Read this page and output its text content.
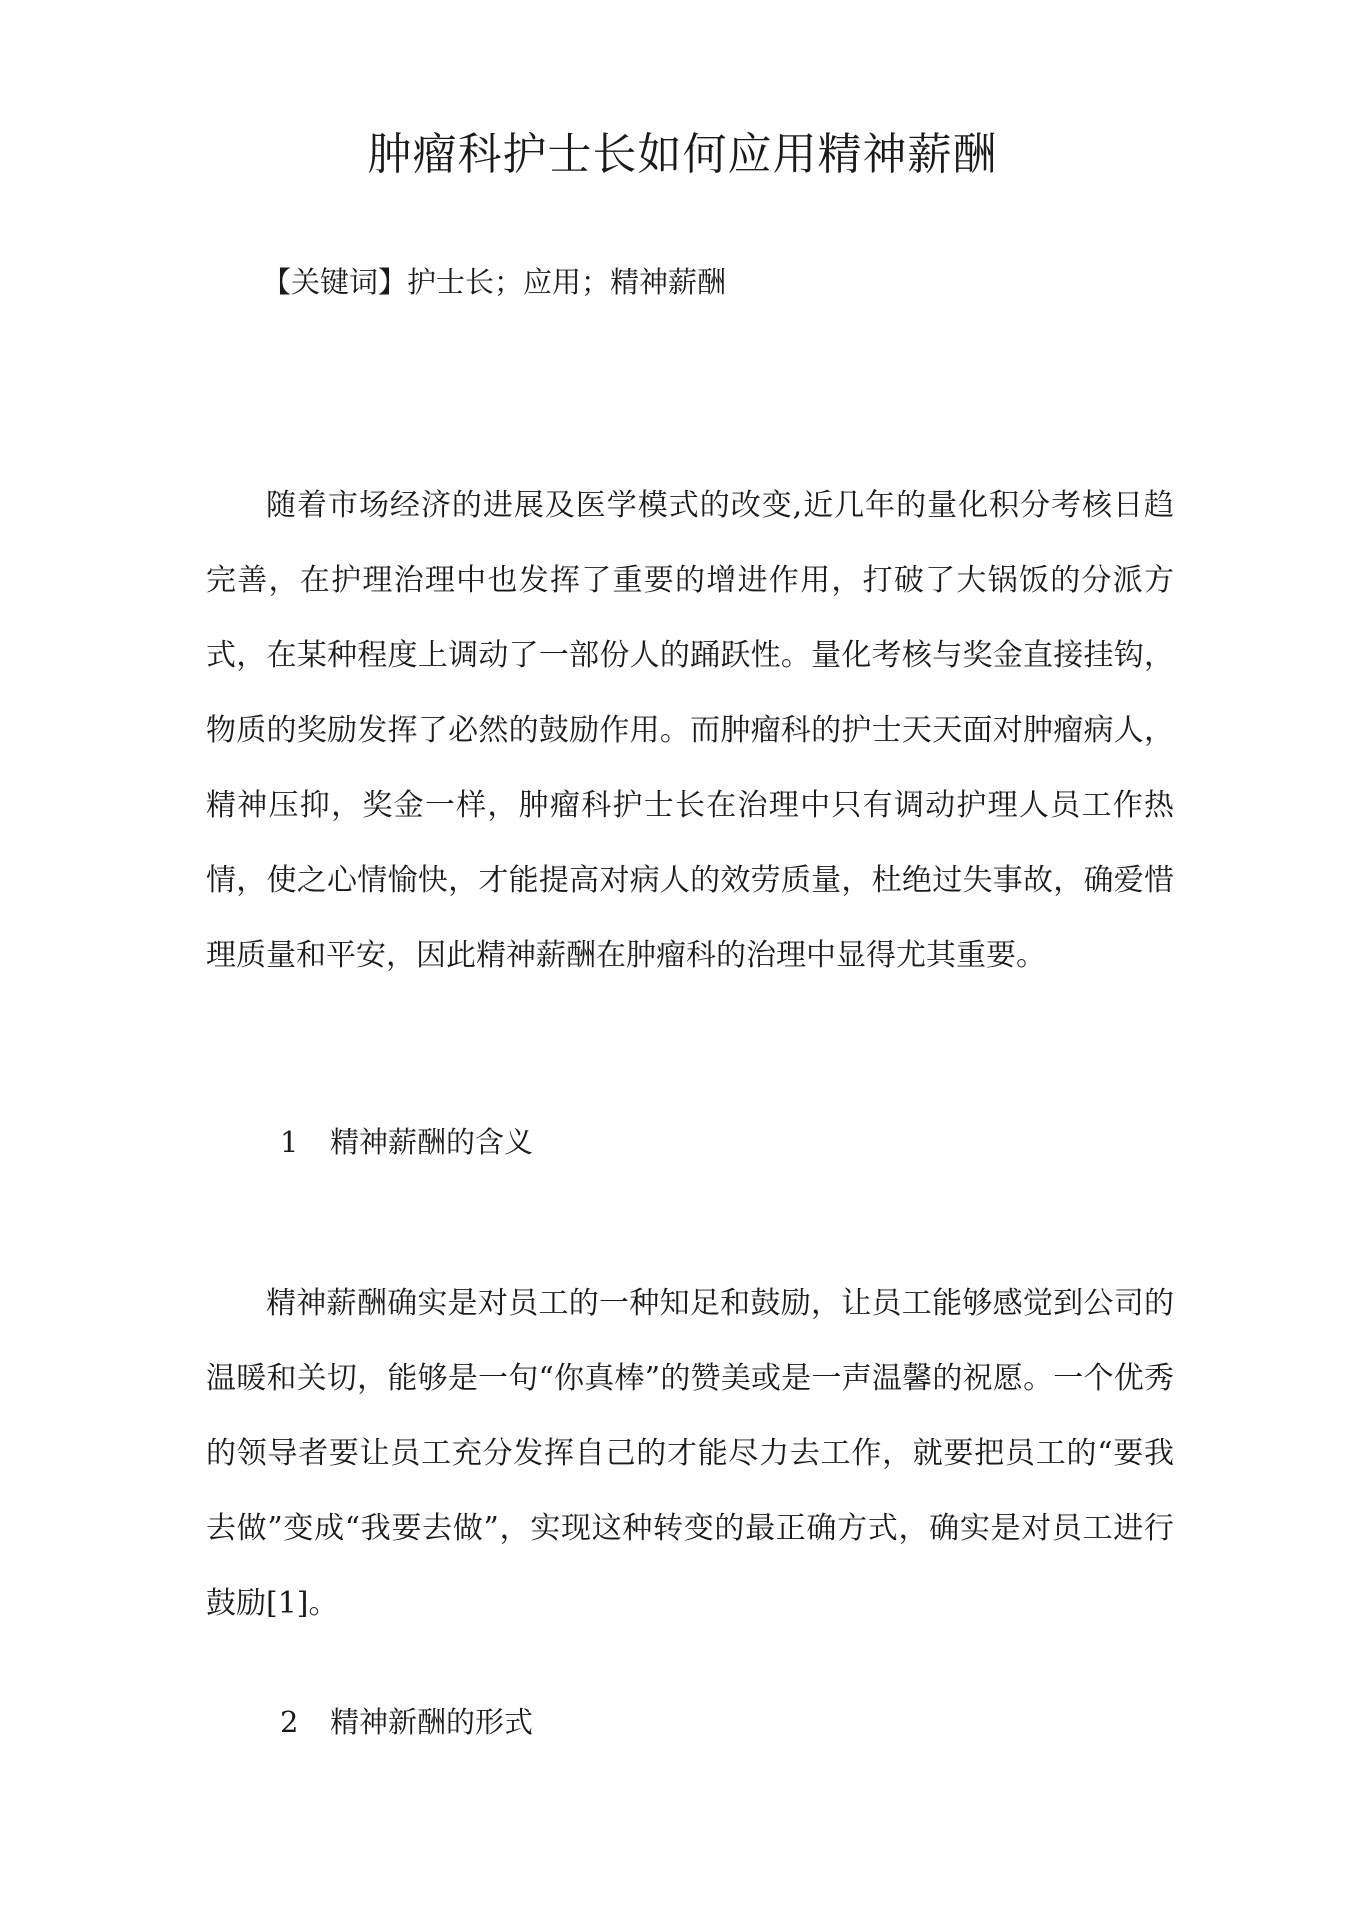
肿瘤科护士长如何应用精神薪酬

【关键词】护士长；应用；精神薪酬

随着市场经济的进展及医学模式的改变,近几年的量化积分考核日趋完善，在护理治理中也发挥了重要的增进作用，打破了大锅饭的分派方式，在某种程度上调动了一部份人的踊跃性。量化考核与奖金直接挂钩，物质的奖励发挥了必然的鼓励作用。而肿瘤科的护士天天面对肿瘤病人，精神压抑，奖金一样，肿瘤科护士长在治理中只有调动护理人员工作热情，使之心情愉快，才能提高对病人的效劳质量，杜绝过失事故，确爱惜理质量和平安，因此精神薪酬在肿瘤科的治理中显得尤其重要。

1 精神薪酬的含义

精神薪酬确实是对员工的一种知足和鼓励，让员工能够感觉到公司的温暖和关切，能够是一句“你真棒”的赞美或是一声温馨的祝愿。一个优秀的领导者要让员工充分发挥自己的才能尽力去工作，就要把员工的“要我去做”变成“我要去做”，实现这种转变的最正确方式，确实是对员工进行鼓励[1]。

2 精神新酬的形式
